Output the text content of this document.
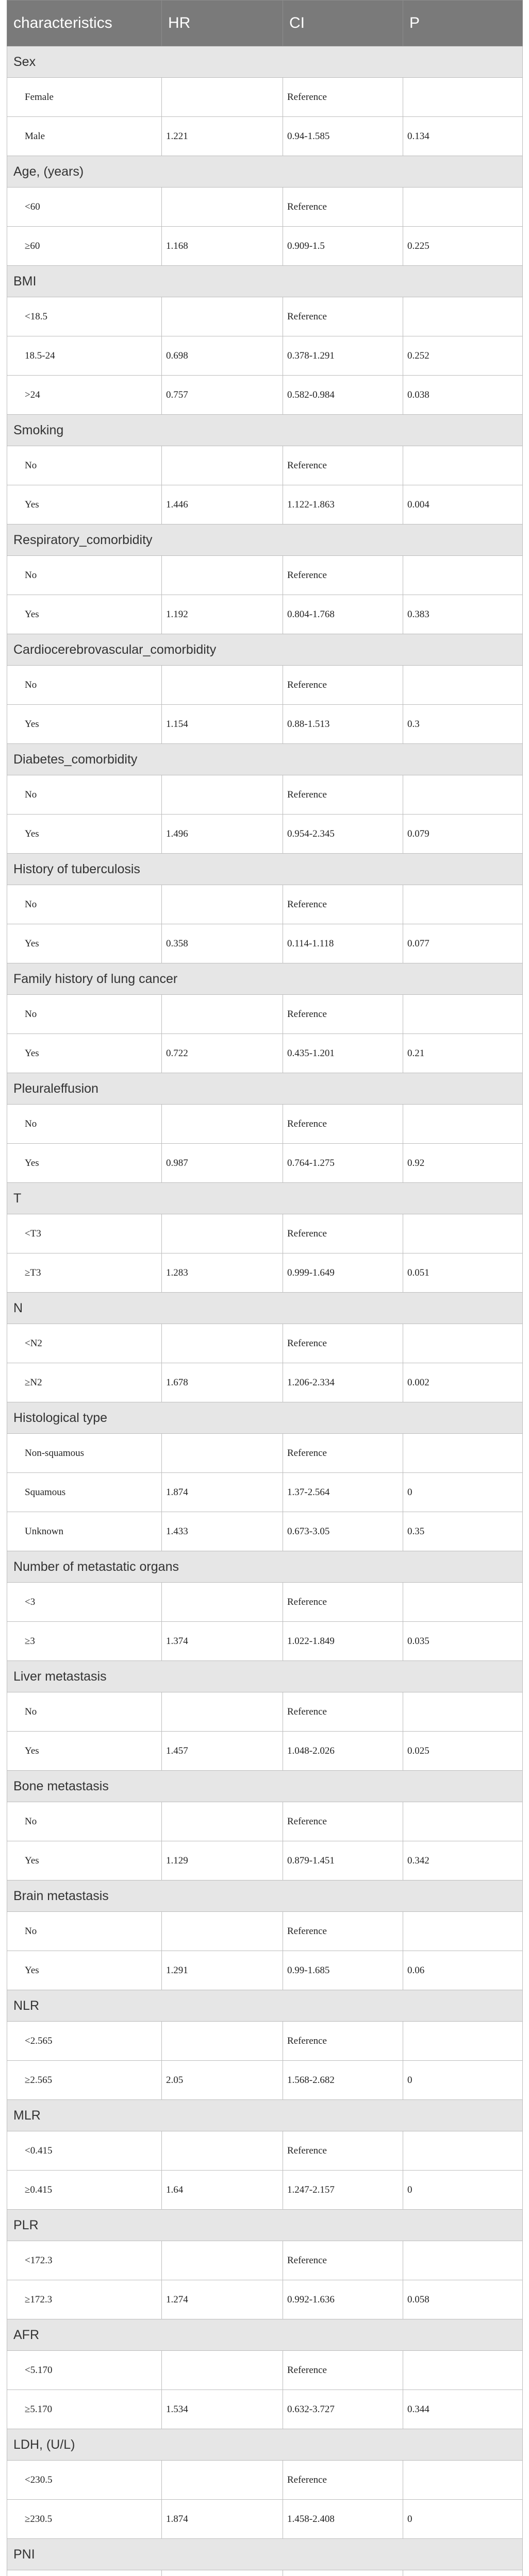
characteristics	HR	CI	P
Sex			
Female		Reference	
Male	1.221	0.94-1.585	0.134
Age, (years)			
<60		Reference	
≥60	1.168	0.909-1.5	0.225
BMI			
<18.5		Reference	
18.5-24	0.698	0.378-1.291	0.252
>24	0.757	0.582-0.984	0.038
Smoking			
No		Reference	
Yes	1.446	1.122-1.863	0.004
Respiratory_comorbidity			
No		Reference	
Yes	1.192	0.804-1.768	0.383
Cardiocerebrovascular_comorbidity			
No		Reference	
Yes	1.154	0.88-1.513	0.3
Diabetes_comorbidity			
No		Reference	
Yes	1.496	0.954-2.345	0.079
History of tuberculosis			
No		Reference	
Yes	0.358	0.114-1.118	0.077
Family history of lung cancer			
No		Reference	
Yes	0.722	0.435-1.201	0.21
Pleuraleffusion			
No		Reference	
Yes	0.987	0.764-1.275	0.92
T			
<T3		Reference	
≥T3	1.283	0.999-1.649	0.051
N			
<N2		Reference	
≥N2	1.678	1.206-2.334	0.002
Histological type			
Non-squamous		Reference	
Squamous	1.874	1.37-2.564	0
Unknown	1.433	0.673-3.05	0.35
Number of metastatic organs			
<3		Reference	
≥3	1.374	1.022-1.849	0.035
Liver metastasis			
No		Reference	
Yes	1.457	1.048-2.026	0.025
Bone metastasis			
No		Reference	
Yes	1.129	0.879-1.451	0.342
Brain metastasis			
No		Reference	
Yes	1.291	0.99-1.685	0.06
NLR			
<2.565		Reference	
≥2.565	2.05	1.568-2.682	0
MLR			
<0.415		Reference	
≥0.415	1.64	1.247-2.157	0
PLR			
<172.3		Reference	
≥172.3	1.274	0.992-1.636	0.058
AFR			
<5.170		Reference	
≥5.170	1.534	0.632-3.727	0.344
LDH, (U/L)			
<230.5		Reference	
≥230.5	1.874	1.458-2.408	0
PNI			
